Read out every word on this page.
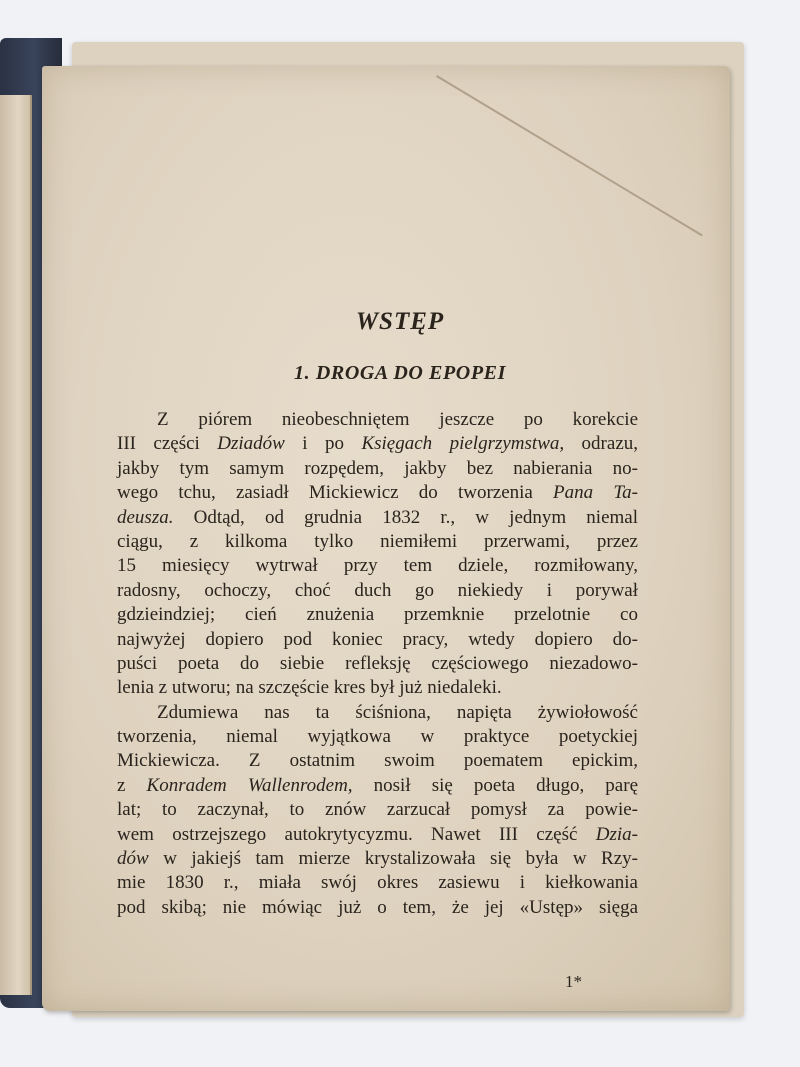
WSTĘP
1. DROGA DO EPOPEI
Z piórem nieobeschniętem jeszcze po korekcie
III części Dziadów i po Księgach pielgrzymstwa, odrazu,
jakby tym samym rozpędem, jakby bez nabierania no-
wego tchu, zasiadł Mickiewicz do tworzenia Pana Ta-
deusza. Odtąd, od grudnia 1832 r., w jednym niemal
ciągu, z kilkoma tylko niemiłemi przerwami, przez
15 miesięcy wytrwał przy tem dziele, rozmiłowany,
radosny, ochoczy, choć duch go niekiedy i porywał
gdzieindziej; cień znużenia przemknie przelotnie co
najwyżej dopiero pod koniec pracy, wtedy dopiero do-
puści poeta do siebie refleksję częściowego niezadowo-
lenia z utworu; na szczęście kres był już niedaleki.
Zdumiewa nas ta ściśniona, napięta żywiołowość
tworzenia, niemal wyjątkowa w praktyce poetyckiej
Mickiewicza. Z ostatnim swoim poematem epickim,
z Konradem Wallenrodem, nosił się poeta długo, parę
lat; to zaczynał, to znów zarzucał pomysł za powie-
wem ostrzejszego autokrytycyzmu. Nawet III część Dzia-
dów w jakiejś tam mierze krystalizowała się była w Rzy-
mie 1830 r., miała swój okres zasiewu i kiełkowania
pod skibą; nie mówiąc już o tem, że jej «Ustęp» sięga
1*
